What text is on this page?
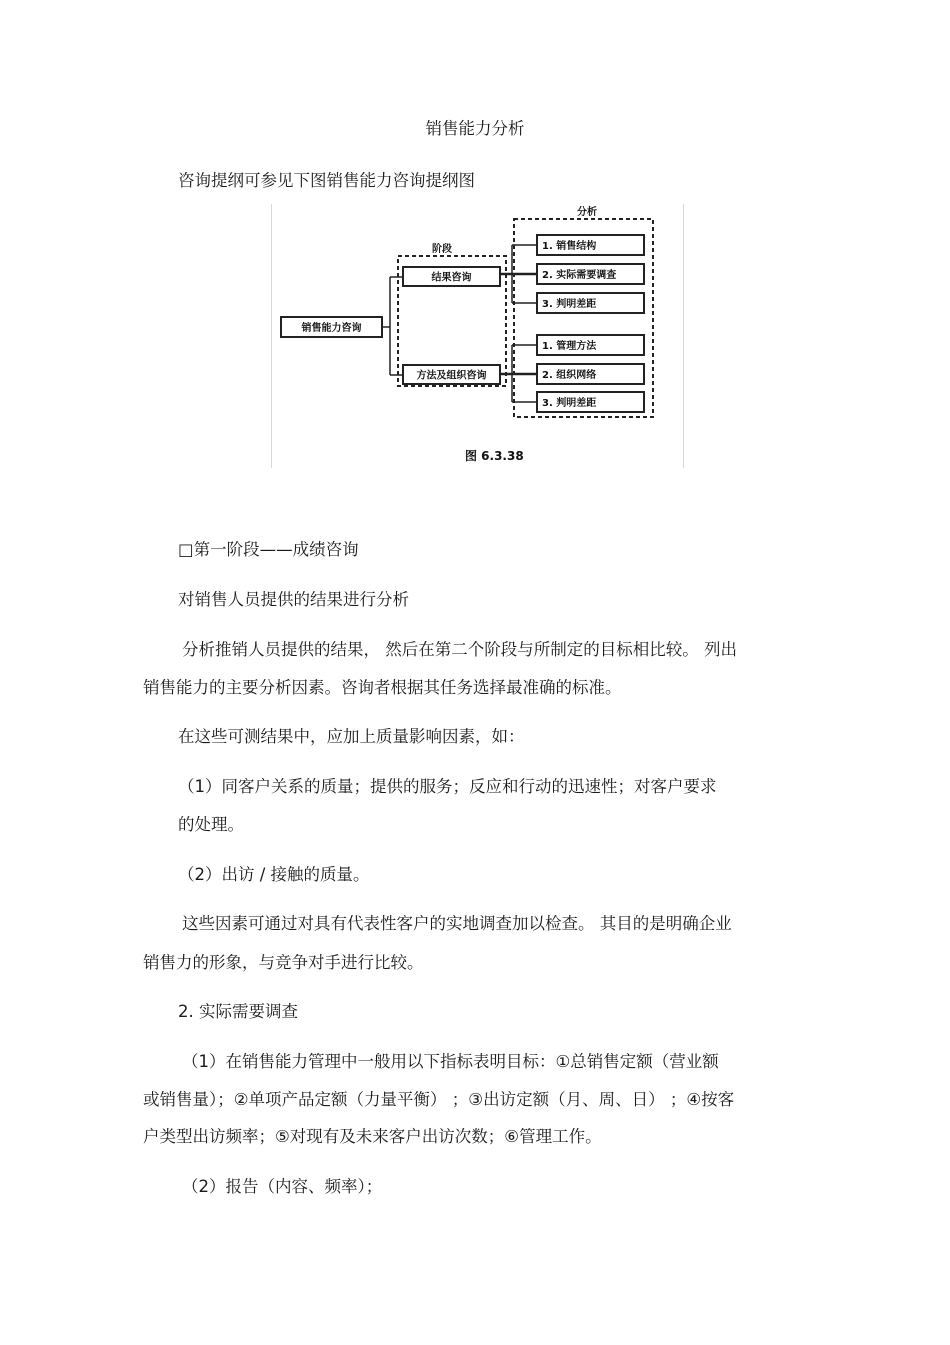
销售能力分析
咨询提纲可参见下图销售能力咨询提纲图
阶段
分析
销售能力咨询
结果咨询
方法及组织咨询
1. 销售结构
2. 实际需要调查
3. 判明差距
1. 管理方法
2. 组织网络
3. 判明差距
图 6.3.38
□第一阶段——成绩咨询
对销售人员提供的结果进行分析
分析推销人员提供的结果， 然后在第二个阶段与所制定的目标相比较。 列出
销售能力的主要分析因素。咨询者根据其任务选择最准确的标准。
在这些可测结果中，应加上质量影响因素，如：
（1）同客户关系的质量；提供的服务；反应和行动的迅速性；对客户要求
的处理。
（2）出访 / 接触的质量。
这些因素可通过对具有代表性客户的实地调查加以检查。 其目的是明确企业
销售力的形象，与竞争对手进行比较。
2. 实际需要调查
（1）在销售能力管理中一般用以下指标表明目标：①总销售定额（营业额
或销售量）；②单项产品定额（力量平衡） ；③出访定额（月、周、日） ；④按客
户类型出访频率；⑤对现有及未来客户出访次数；⑥管理工作。
（2）报告（内容、频率）；
